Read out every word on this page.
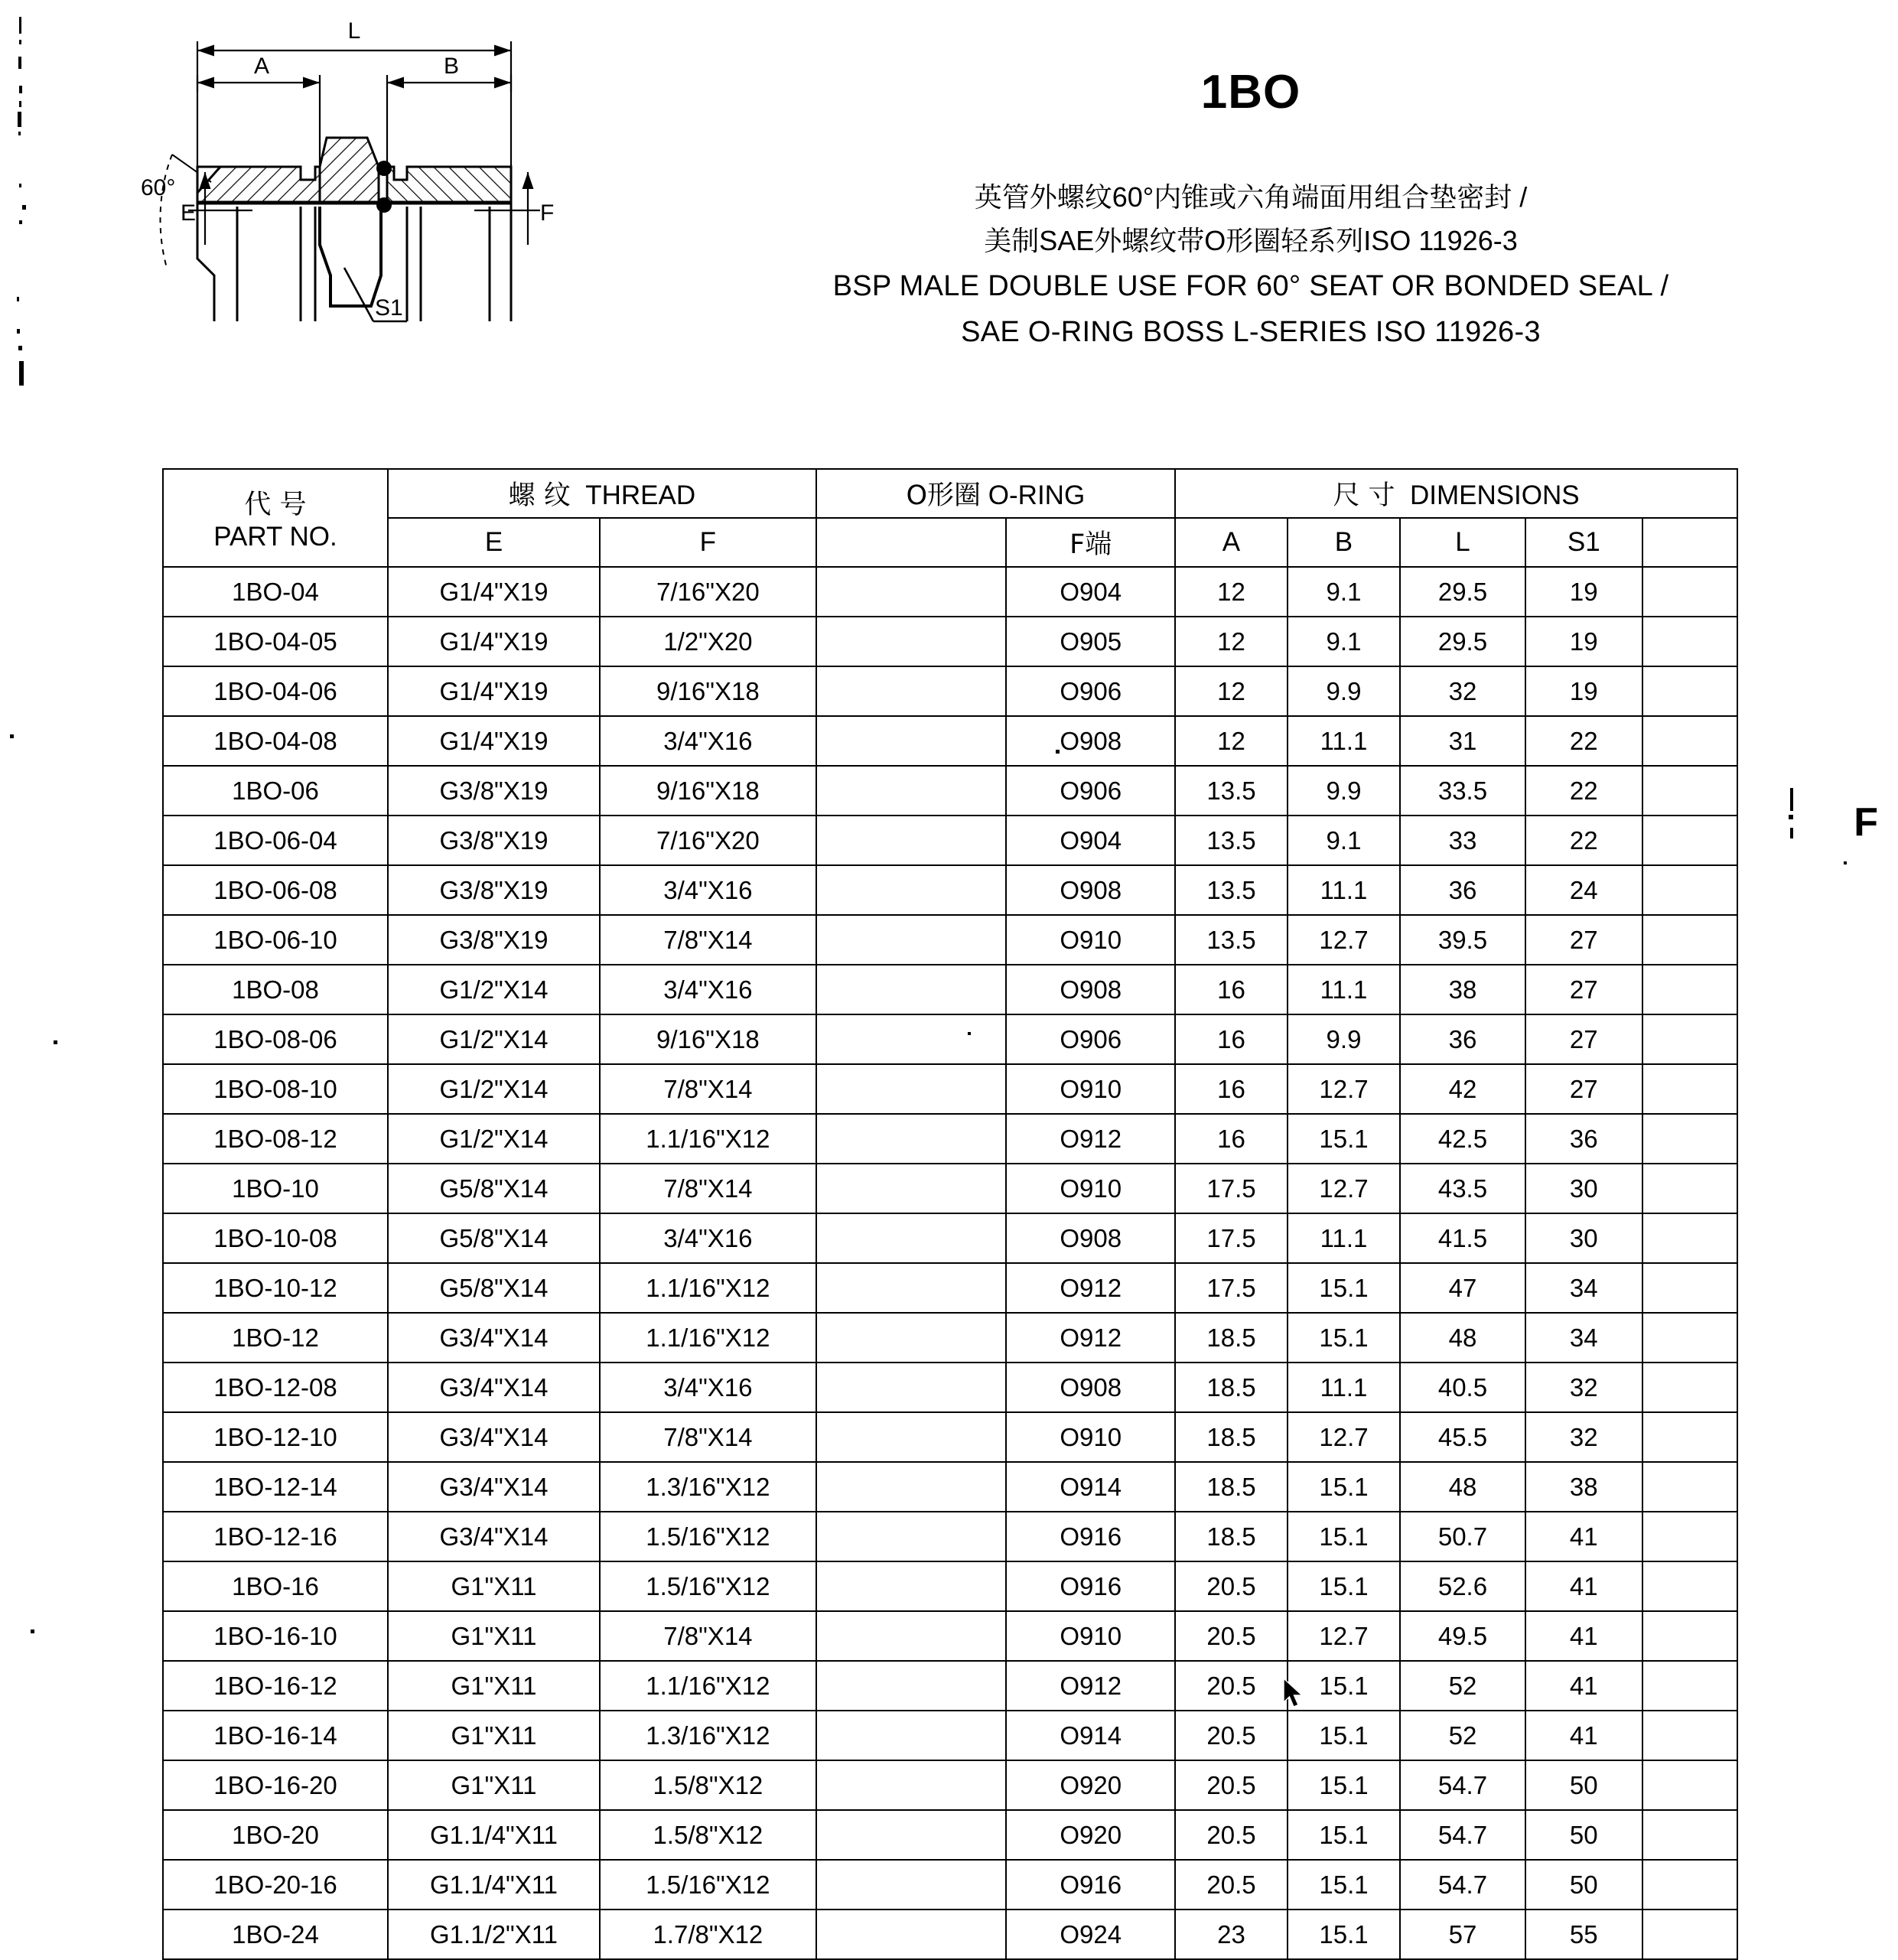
L
A	B
60°
E	F
S1
1BO
英管外螺纹60°内锥或六角端面用组合垫密封 /
美制SAE外螺纹带O形圈轻系列ISO 11926-3
BSP MALE DOUBLE USE FOR 60° SEAT OR BONDED SEAL /
SAE O-RING BOSS L-SERIES ISO 11926-3
代 号
PART NO.	螺 纹 THREAD		O形圈 O-RING		尺 寸 DIMENSIONS				
	E	F		F端	A	B	L	S1	
1BO-04	G1/4"X19	7/16"X20		O904	12	9.1	29.5	19	
1BO-04-05	G1/4"X19	1/2"X20		O905	12	9.1	29.5	19	
1BO-04-06	G1/4"X19	9/16"X18		O906	12	9.9	32	19	
1BO-04-08	G1/4"X19	3/4"X16		O908	12	11.1	31	22	
1BO-06	G3/8"X19	9/16"X18		O906	13.5	9.9	33.5	22	
1BO-06-04	G3/8"X19	7/16"X20		O904	13.5	9.1	33	22	
1BO-06-08	G3/8"X19	3/4"X16		O908	13.5	11.1	36	24	
1BO-06-10	G3/8"X19	7/8"X14		O910	13.5	12.7	39.5	27	
1BO-08	G1/2"X14	3/4"X16		O908	16	11.1	38	27	
1BO-08-06	G1/2"X14	9/16"X18		O906	16	9.9	36	27	
1BO-08-10	G1/2"X14	7/8"X14		O910	16	12.7	42	27	
1BO-08-12	G1/2"X14	1.1/16"X12		O912	16	15.1	42.5	36	
1BO-10	G5/8"X14	7/8"X14		O910	17.5	12.7	43.5	30	
1BO-10-08	G5/8"X14	3/4"X16		O908	17.5	11.1	41.5	30	
1BO-10-12	G5/8"X14	1.1/16"X12		O912	17.5	15.1	47	34	
1BO-12	G3/4"X14	1.1/16"X12		O912	18.5	15.1	48	34	
1BO-12-08	G3/4"X14	3/4"X16		O908	18.5	11.1	40.5	32	
1BO-12-10	G3/4"X14	7/8"X14		O910	18.5	12.7	45.5	32	
1BO-12-14	G3/4"X14	1.3/16"X12		O914	18.5	15.1	48	38	
1BO-12-16	G3/4"X14	1.5/16"X12		O916	18.5	15.1	50.7	41	
1BO-16	G1"X11	1.5/16"X12		O916	20.5	15.1	52.6	41	
1BO-16-10	G1"X11	7/8"X14		O910	20.5	12.7	49.5	41	
1BO-16-12	G1"X11	1.1/16"X12		O912	20.5	15.1	52	41	
1BO-16-14	G1"X11	1.3/16"X12		O914	20.5	15.1	52	41	
1BO-16-20	G1"X11	1.5/8"X12		O920	20.5	15.1	54.7	50	
1BO-20	G1.1/4"X11	1.5/8"X12		O920	20.5	15.1	54.7	50	
1BO-20-16	G1.1/4"X11	1.5/16"X12		O916	20.5	15.1	54.7	50	
1BO-24	G1.1/2"X11	1.7/8"X12		O924	23	15.1	57	55	
F
